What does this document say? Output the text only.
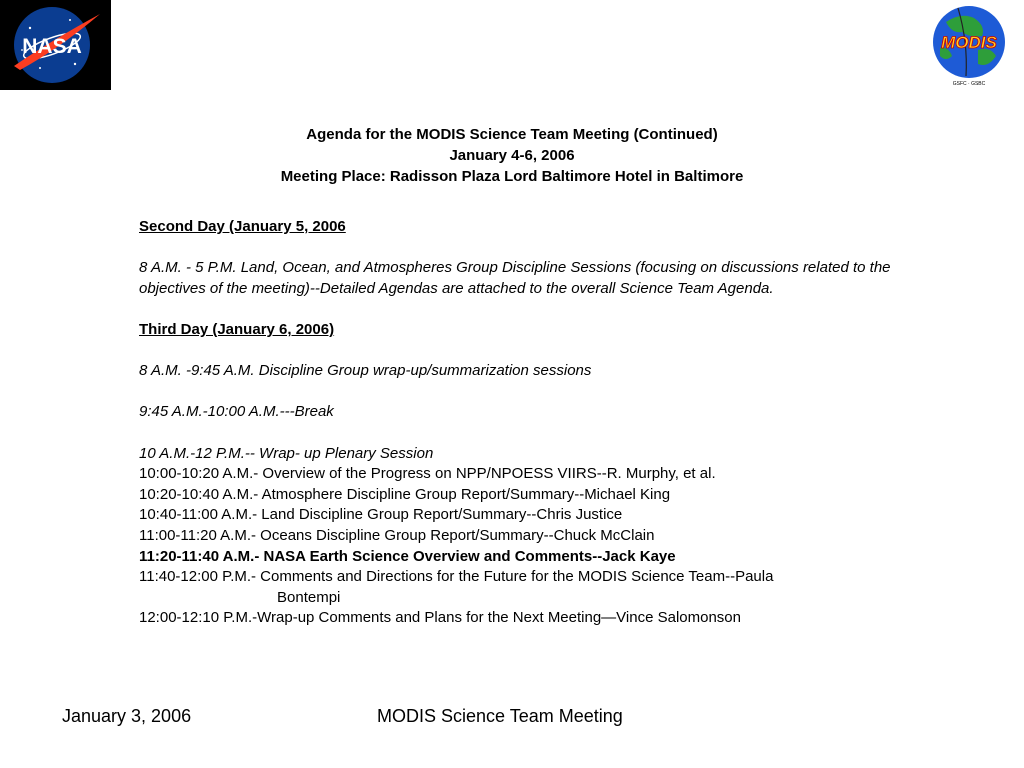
NASA	MODIS
GSFC · GSBC
Agenda for the MODIS Science Team Meeting (Continued)
January 4-6, 2006
Meeting Place: Radisson Plaza Lord Baltimore Hotel in Baltimore
Second Day (January 5, 2006
8 A.M. - 5 P.M. Land, Ocean, and Atmospheres Group Discipline Sessions (focusing on discussions related to the objectives of the meeting)--Detailed Agendas are attached to the overall Science Team Agenda.
Third Day (January 6, 2006)
8 A.M. -9:45 A.M. Discipline Group wrap-up/summarization sessions
9:45 A.M.-10:00 A.M.---Break
10 A.M.-12 P.M.-- Wrap- up Plenary Session
10:00-10:20 A.M.- Overview of the Progress on NPP/NPOESS VIIRS--R. Murphy, et al.
10:20-10:40 A.M.- Atmosphere Discipline Group Report/Summary--Michael King
10:40-11:00 A.M.- Land Discipline Group Report/Summary--Chris Justice
11:00-11:20 A.M.- Oceans Discipline Group Report/Summary--Chuck McClain
11:20-11:40 A.M.- NASA Earth Science Overview and Comments--Jack Kaye
11:40-12:00 P.M.- Comments and Directions for the Future for the MODIS Science Team--Paula
Bontempi
12:00-12:10 P.M.-Wrap-up Comments and Plans for the Next Meeting—Vince Salomonson
January 3, 2006	MODIS Science Team Meeting
